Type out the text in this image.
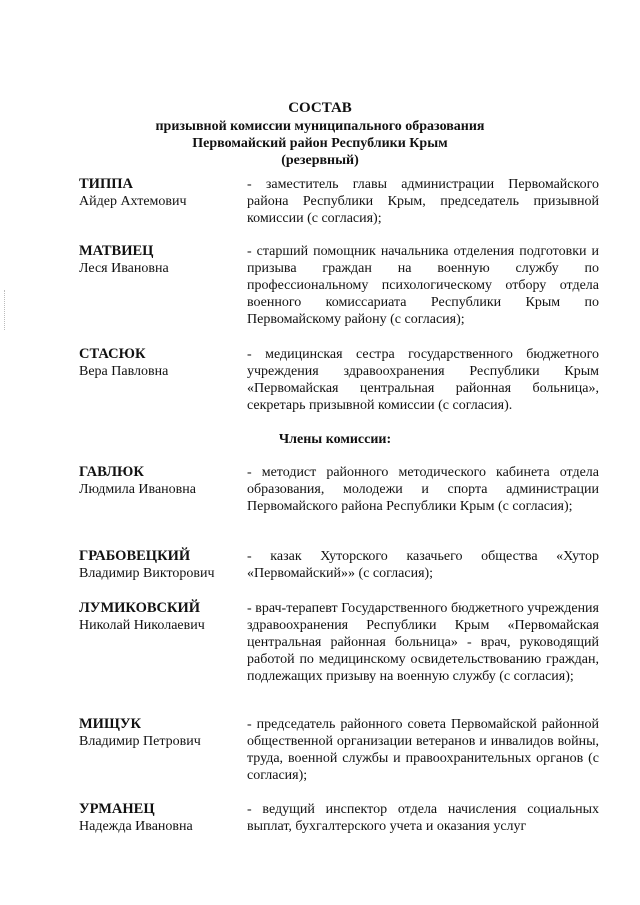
СОСТАВ
призывной комиссии муниципального образования
Первомайский район Республики Крым
(резервный)
ТИППА
Айдер Ахтемович
- заместитель главы администрации Первомайского района Республики Крым, председатель призывной комиссии (с согласия);
МАТВИЕЦ
Леся Ивановна
- старший помощник начальника отделения подготовки и призыва граждан на военную службу по профессиональному психологическому отбору отдела военного комиссариата Республики Крым по Первомайскому району (с согласия);
СТАСЮК
Вера Павловна
- медицинская сестра государственного бюджетного учреждения здравоохранения Республики Крым «Первомайская центральная районная больница», секретарь призывной комиссии (с согласия).
Члены комиссии:
ГАВЛЮК
Людмила Ивановна
- методист районного методического кабинета отдела образования, молодежи и спорта администрации Первомайского района Республики Крым (с согласия);
ГРАБОВЕЦКИЙ
Владимир Викторович
- казак Хуторского казачьего общества «Хутор «Первомайский»» (с согласия);
ЛУМИКОВСКИЙ
Николай Николаевич
- врач-терапевт Государственного бюджетного учреждения здравоохранения Республики Крым «Первомайская центральная районная больница» - врач, руководящий работой по медицинскому освидетельствованию граждан, подлежащих призыву на военную службу (с согласия);
МИЩУК
Владимир Петрович
- председатель районного совета Первомайской районной общественной организации ветеранов и инвалидов войны, труда, военной службы и правоохранительных органов (с согласия);
УРМАНЕЦ
Надежда Ивановна
- ведущий инспектор отдела начисления социальных выплат, бухгалтерского учета и оказания услуг
